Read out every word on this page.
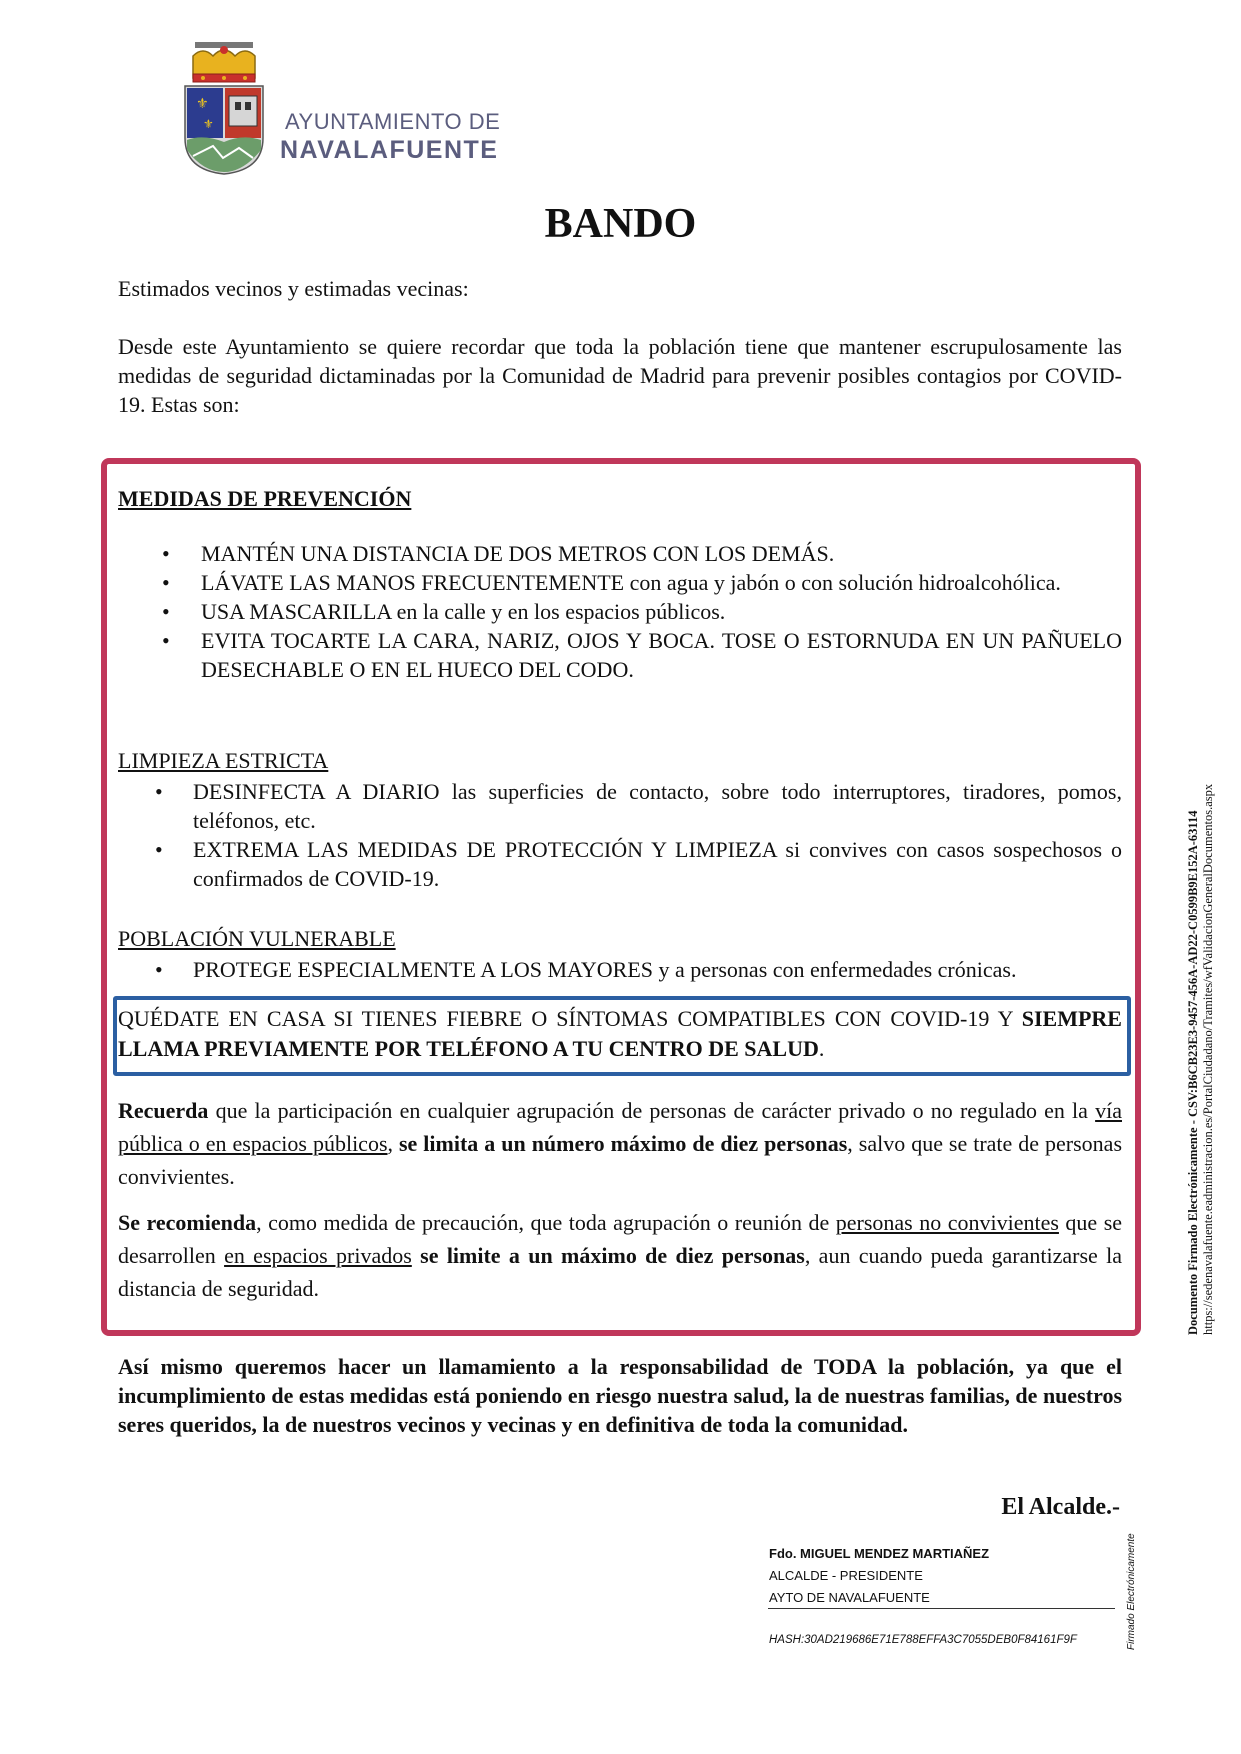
⚜
⚜	AYUNTAMIENTO DE
NAVALAFUENTE
BANDO
Estimados vecinos y estimadas vecinas:
Desde este Ayuntamiento se quiere recordar que toda la población tiene que mantener escrupulosamente las medidas de seguridad dictaminadas por la Comunidad de Madrid para prevenir posibles contagios por COVID-19. Estas son:
MEDIDAS DE PREVENCIÓN
• MANTÉN UNA DISTANCIA DE DOS METROS CON LOS DEMÁS.
• LÁVATE LAS MANOS FRECUENTEMENTE con agua y jabón o con solución hidroalcohólica.
• USA MASCARILLA en la calle y en los espacios públicos.
• EVITA TOCARTE LA CARA, NARIZ, OJOS Y BOCA. TOSE O ESTORNUDA EN UN PAÑUELO DESECHABLE O EN EL HUECO DEL CODO.
LIMPIEZA ESTRICTA
• DESINFECTA A DIARIO las superficies de contacto, sobre todo interruptores, tiradores, pomos, teléfonos, etc.
• EXTREMA LAS MEDIDAS DE PROTECCIÓN Y LIMPIEZA si convives con casos sospechosos o confirmados de COVID-19.
POBLACIÓN VULNERABLE
• PROTEGE ESPECIALMENTE A LOS MAYORES y a personas con enfermedades crónicas.
QUÉDATE EN CASA SI TIENES FIEBRE O SÍNTOMAS COMPATIBLES CON COVID-19 Y SIEMPRE LLAMA PREVIAMENTE POR TELÉFONO A TU CENTRO DE SALUD.
Recuerda que la participación en cualquier agrupación de personas de carácter privado o no regulado en la vía pública o en espacios públicos, se limita a un número máximo de diez personas, salvo que se trate de personas convivientes.
Se recomienda, como medida de precaución, que toda agrupación o reunión de personas no convivientes que se desarrollen en espacios privados se limite a un máximo de diez personas, aun cuando pueda garantizarse la distancia de seguridad.
Así mismo queremos hacer un llamamiento a la responsabilidad de TODA la población, ya que el incumplimiento de estas medidas está poniendo en riesgo nuestra salud, la de nuestras familias, de nuestros seres queridos, la de nuestros vecinos y vecinas y en definitiva de toda la comunidad.
El Alcalde.-
Fdo. MIGUEL MENDEZ MARTIAÑEZ
ALCALDE - PRESIDENTE
AYTO DE NAVALAFUENTE
HASH:30AD219686E71E788EFFA3C7055DEB0F84161F9F	Firmado Electrónicamente
Documento Firmado Electrónicamente - CSV:B6CB23E3-9457-456A-AD22-C0599B9E152A-63114 https://sedenavalafuente.eadministracion.es/PortalCiudadano/Tramites/wfValidacionGeneralDocumentos.aspx
